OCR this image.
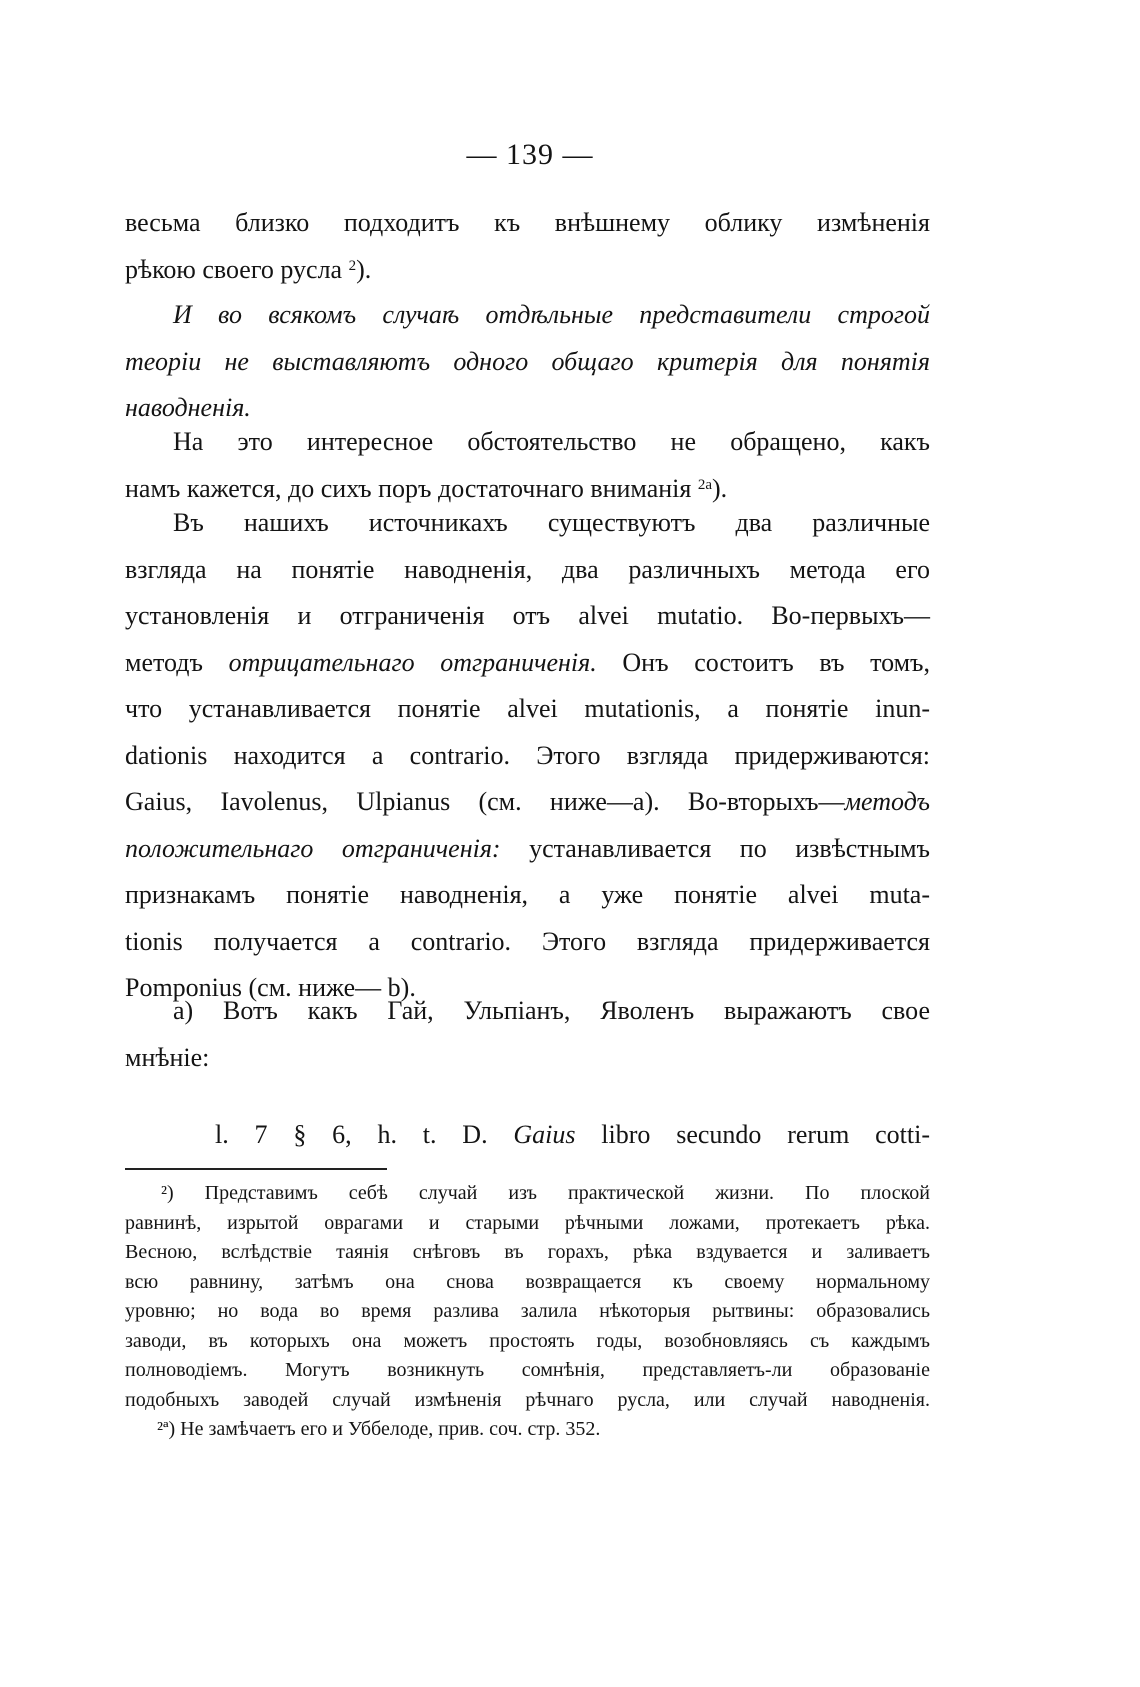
— 139 —
весьма близко подходитъ къ внѣшнему облику измѣненія
рѣкою своего русла $^2$).
И во всякомъ случаѣ отдѣльные представители строгой
теоріи не выставляютъ одного общаго критерія для понятія
наводненія.
На это интересное обстоятельство не обращено, какъ
намъ кажется, до сихъ поръ достаточнаго вниманія $^{2a}$).
Въ нашихъ источникахъ существуютъ два различные
взгляда на понятіе наводненія, два различныхъ метода его
установленія и отграниченія отъ alvei mutatio. Во-первыхъ—
методъ отрицательнаго отграниченія. Онъ состоитъ въ томъ,
что устанавливается понятіе alvei mutationis, а понятіе inun-
dationis находится a contrario. Этого взгляда придерживаются:
Gaius, Iavolenus, Ulpianus (см. ниже—а). Во-вторыхъ—методъ
положительнаго отграниченія: устанавливается по извѣстнымъ
признакамъ понятіе наводненія, а уже понятіе alvei muta-
tionis получается a contrario. Этого взгляда придерживается
Pomponius (см. ниже— b).
а) Вотъ какъ Гай, Ульпіанъ, Яволенъ выражаютъ свое
мнѣніе:
l. 7 § 6, h. t. D. Gaius libro secundo rerum cotti-
²) Представимъ себѣ случай изъ практической жизни. По плоской
равнинѣ, изрытой оврагами и старыми рѣчными ложами, протекаетъ рѣка.
Весною, вслѣдствіе таянія снѣговъ въ горахъ, рѣка вздувается и заливаетъ
всю равнину, затѣмъ она снова возвращается къ своему нормальному
уровню; но вода во время разлива залила нѣкоторыя рытвины: образовались
заводи, въ которыхъ она можетъ простоять годы, возобновляясь съ каждымъ
полноводіемъ. Могутъ возникнуть сомнѣнія, представляетъ-ли образованіе
подобныхъ заводей случай измѣненія рѣчнаго русла, или случай наводненія.
²ª) Не замѣчаетъ его и Уббелоде, прив. соч. стр. 352.
